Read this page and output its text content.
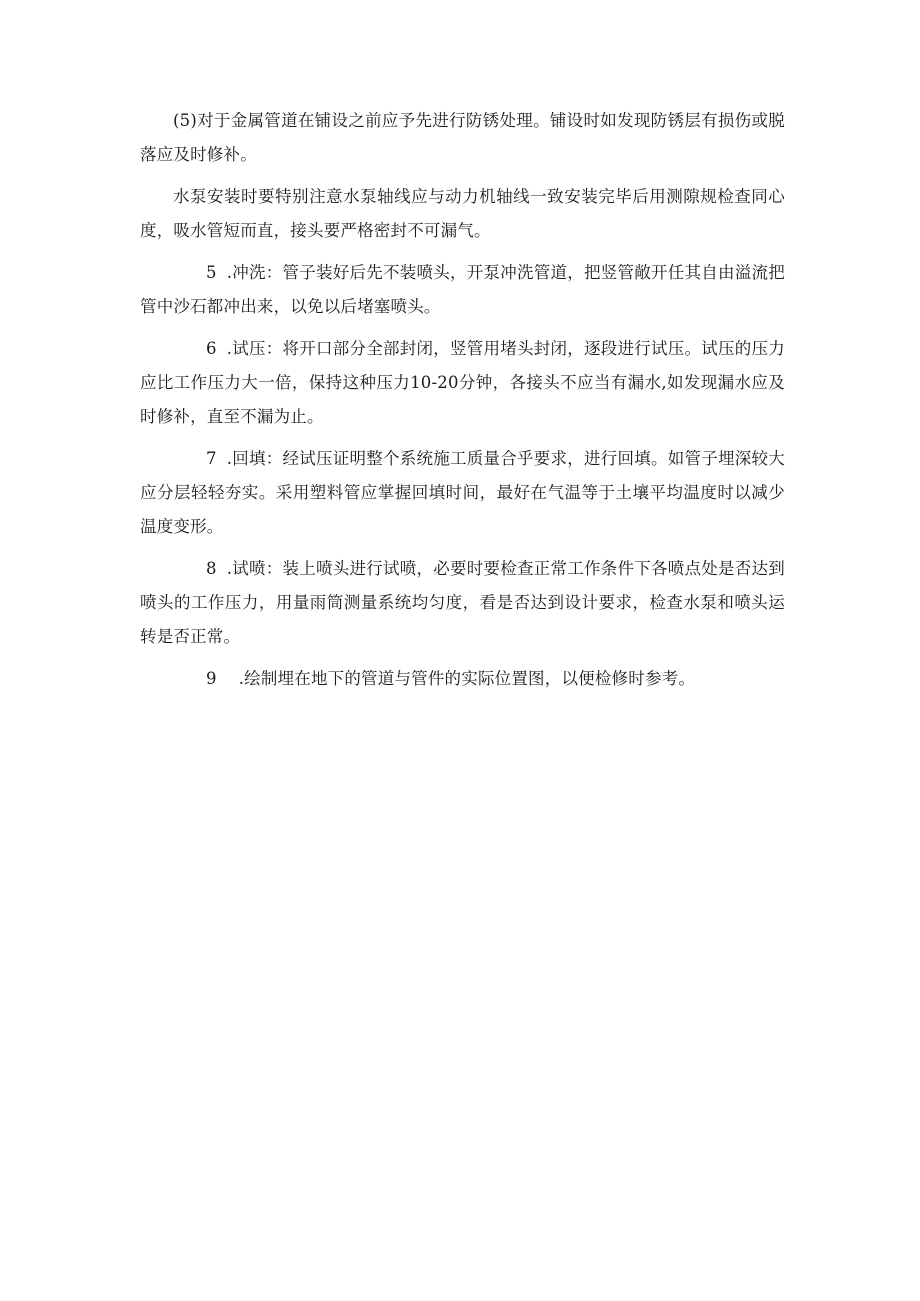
(5)对于金属管道在铺设之前应予先进行防锈处理。铺设时如发现防锈层有损伤或脱落应及时修补。

水泵安装时要特别注意水泵轴线应与动力机轴线一致安装完毕后用测隙规检查同心度，吸水管短而直，接头要严格密封不可漏气。

5 .冲洗：管子装好后先不装喷头，开泵冲洗管道，把竖管敞开任其自由溢流把管中沙石都冲出来，以免以后堵塞喷头。

6 .试压：将开口部分全部封闭，竖管用堵头封闭，逐段进行试压。试压的压力应比工作压力大一倍，保持这种压力10-20分钟，各接头不应当有漏水,如发现漏水应及时修补，直至不漏为止。

7 .回填：经试压证明整个系统施工质量合乎要求，进行回填。如管子埋深较大应分层轻轻夯实。采用塑料管应掌握回填时间，最好在气温等于土壤平均温度时以减少温度变形。

8 .试喷：装上喷头进行试喷，必要时要检查正常工作条件下各喷点处是否达到喷头的工作压力，用量雨筒测量系统均匀度，看是否达到设计要求，检查水泵和喷头运转是否正常。

9 .绘制埋在地下的管道与管件的实际位置图，以便检修时参考。
